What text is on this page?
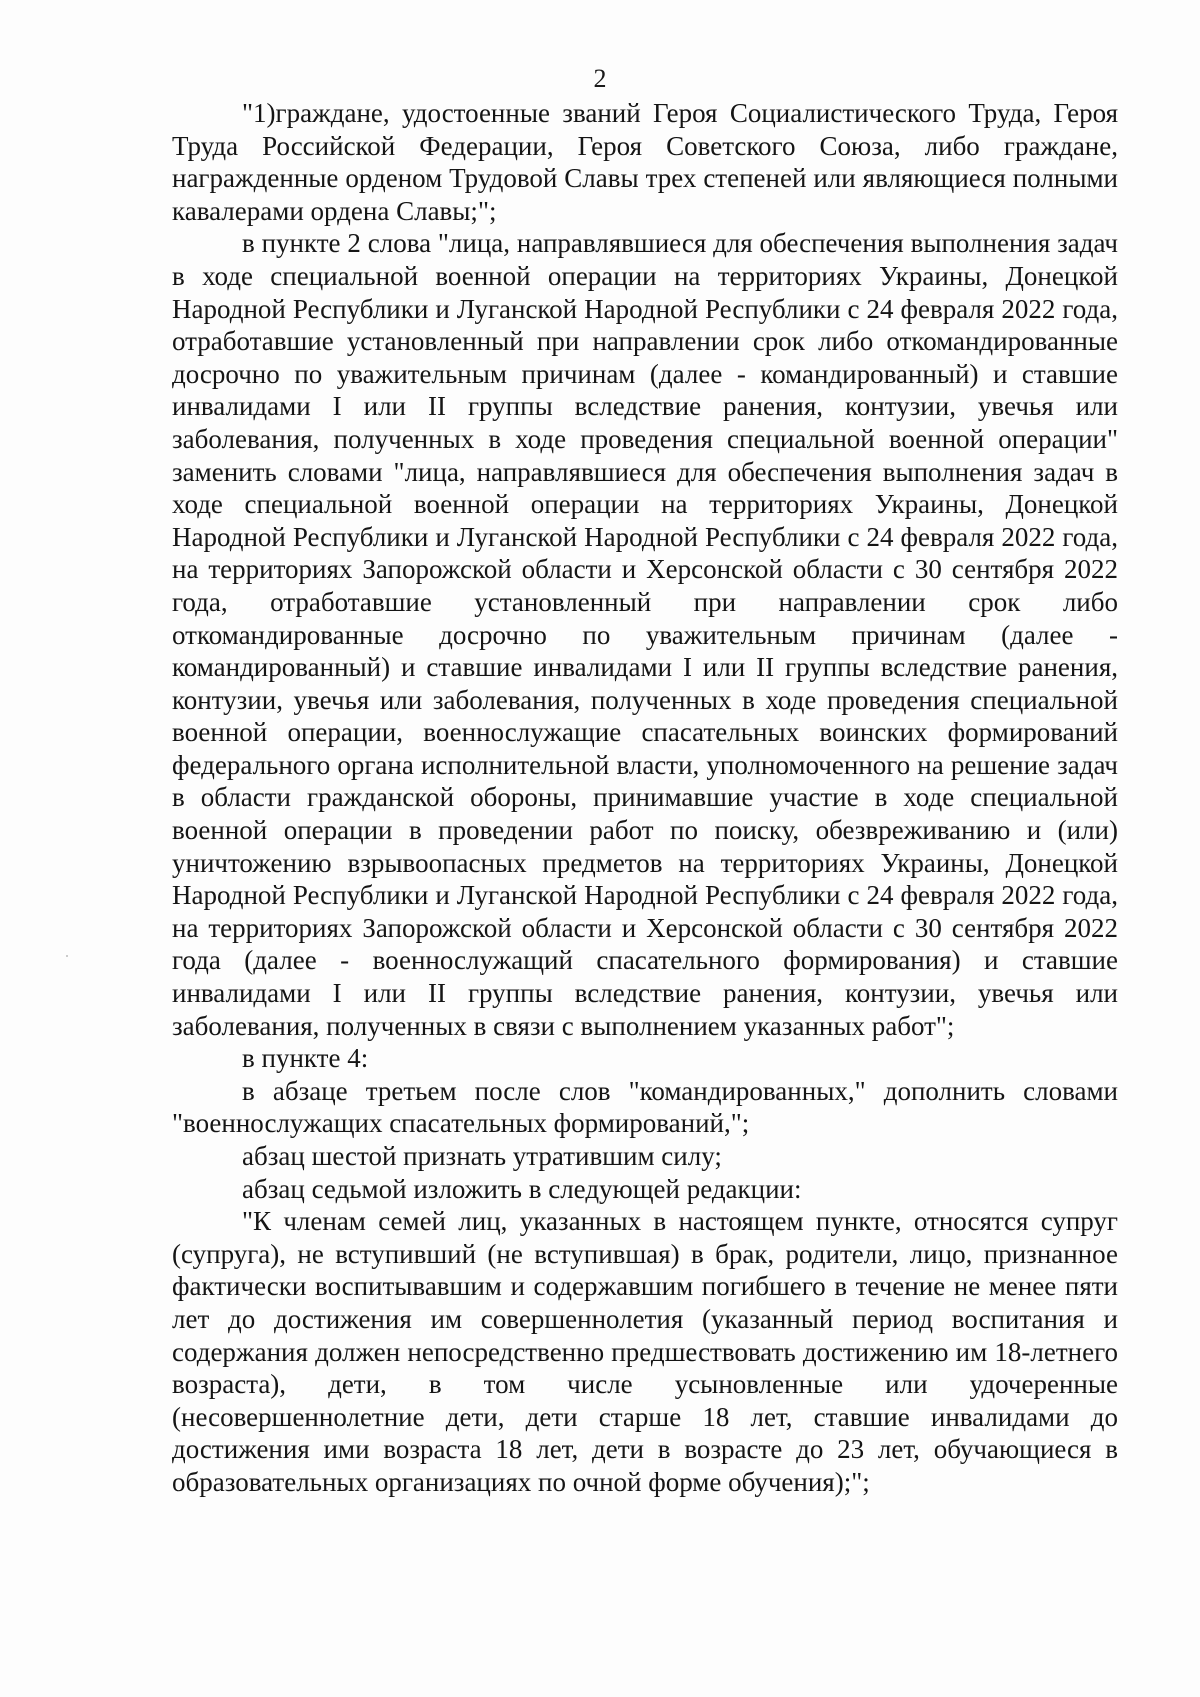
2

"1)граждане, удостоенные званий Героя Социалистического Труда, Героя Труда Российской Федерации, Героя Советского Союза, либо граждане, награжденные орденом Трудовой Славы трех степеней или являющиеся полными кавалерами ордена Славы;";

в пункте 2 слова "лица, направлявшиеся для обеспечения выполнения задач в ходе специальной военной операции на территориях Украины, Донецкой Народной Республики и Луганской Народной Республики с 24 февраля 2022 года, отработавшие установленный при направлении срок либо откомандированные досрочно по уважительным причинам (далее - командированный) и ставшие инвалидами I или II группы вследствие ранения, контузии, увечья или заболевания, полученных в ходе проведения специальной военной операции" заменить словами "лица, направлявшиеся для обеспечения выполнения задач в ходе специальной военной операции на территориях Украины, Донецкой Народной Республики и Луганской Народной Республики с 24 февраля 2022 года, на территориях Запорожской области и Херсонской области с 30 сентября 2022 года, отработавшие установленный при направлении срок либо откомандированные досрочно по уважительным причинам (далее - командированный) и ставшие инвалидами I или II группы вследствие ранения, контузии, увечья или заболевания, полученных в ходе проведения специальной военной операции, военнослужащие спасательных воинских формирований федерального органа исполнительной власти, уполномоченного на решение задач в области гражданской обороны, принимавшие участие в ходе специальной военной операции в проведении работ по поиску, обезвреживанию и (или) уничтожению взрывоопасных предметов на территориях Украины, Донецкой Народной Республики и Луганской Народной Республики с 24 февраля 2022 года, на территориях Запорожской области и Херсонской области с 30 сентября 2022 года (далее - военнослужащий спасательного формирования) и ставшие инвалидами I или II группы вследствие ранения, контузии, увечья или заболевания, полученных в связи с выполнением указанных работ";

в пункте 4:

в абзаце третьем после слов "командированных," дополнить словами "военнослужащих спасательных формирований,";

абзац шестой признать утратившим силу;

абзац седьмой изложить в следующей редакции:

"К членам семей лиц, указанных в настоящем пункте, относятся супруг (супруга), не вступивший (не вступившая) в брак, родители, лицо, признанное фактически воспитывавшим и содержавшим погибшего в течение не менее пяти лет до достижения им совершеннолетия (указанный период воспитания и содержания должен непосредственно предшествовать достижению им 18-летнего возраста), дети, в том числе усыновленные или удочеренные (несовершеннолетние дети, дети старше 18 лет, ставшие инвалидами до достижения ими возраста 18 лет, дети в возрасте до 23 лет, обучающиеся в образовательных организациях по очной форме обучения);";
